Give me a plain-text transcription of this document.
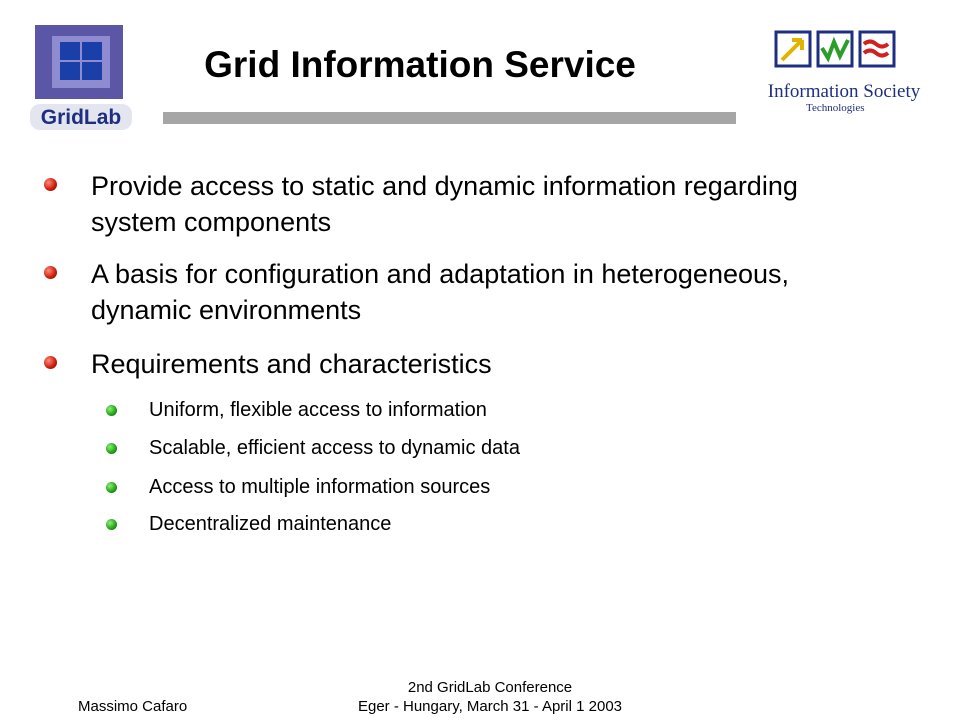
GridLab
Information Society
Technologies
Grid Information Service
Provide access to static and dynamic information regarding system components
A basis for configuration and adaptation in heterogeneous, dynamic environments
Requirements and characteristics
Uniform, flexible access to information
Scalable, efficient access to dynamic data
Access to multiple information sources
Decentralized maintenance
Massimo Cafaro
2nd GridLab Conference
Eger - Hungary, March 31 - April 1 2003
